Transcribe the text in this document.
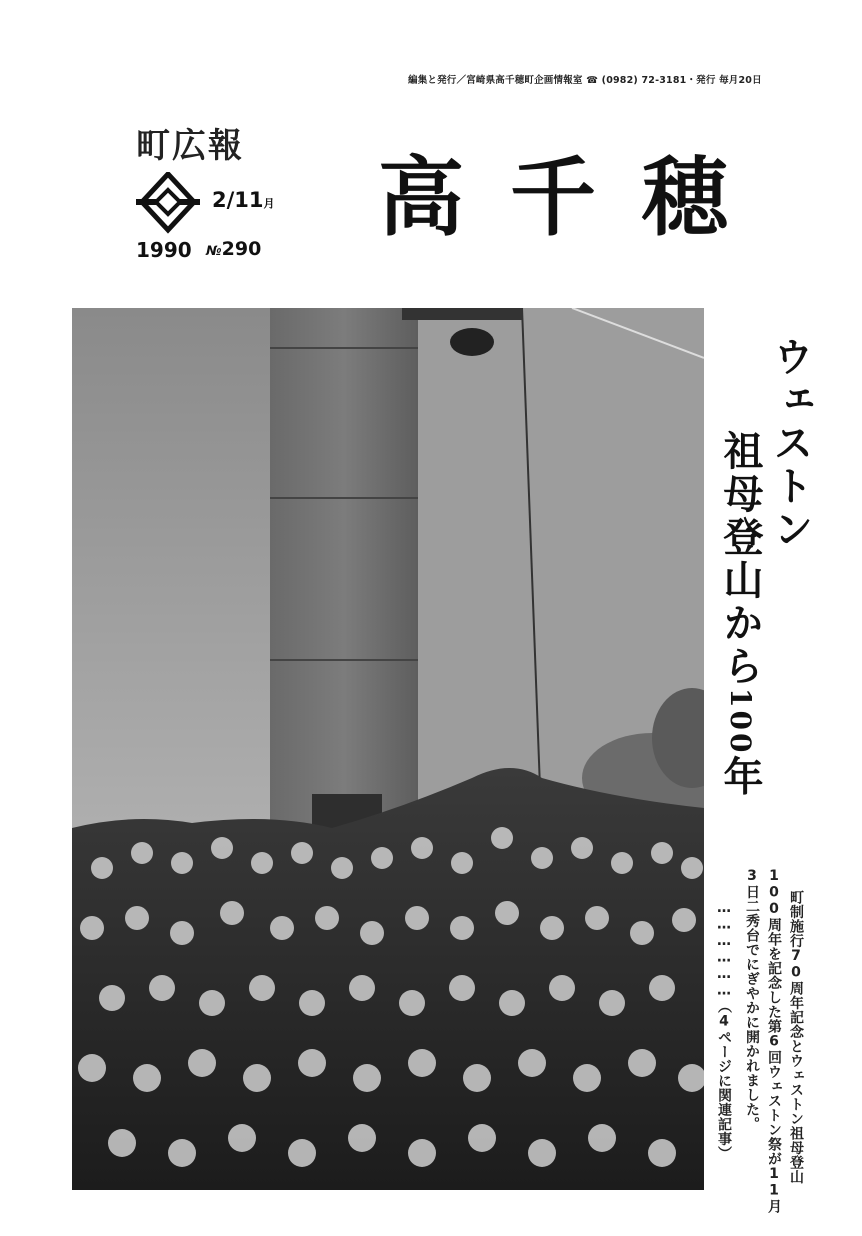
編集と発行／宮崎県高千穂町企画情報室 ☎ (0982) 72-3181・発行 毎月20日
町広報
2/11月
1990 №290
高千穂
ウェストン
祖母登山から100年
町制施行70周年記念とウェストン祖母登山
100周年を記念した第6回ウェストン祭が11月
3日二秀台でにぎやかに開かれました。
………………（4ページに関連記事）
